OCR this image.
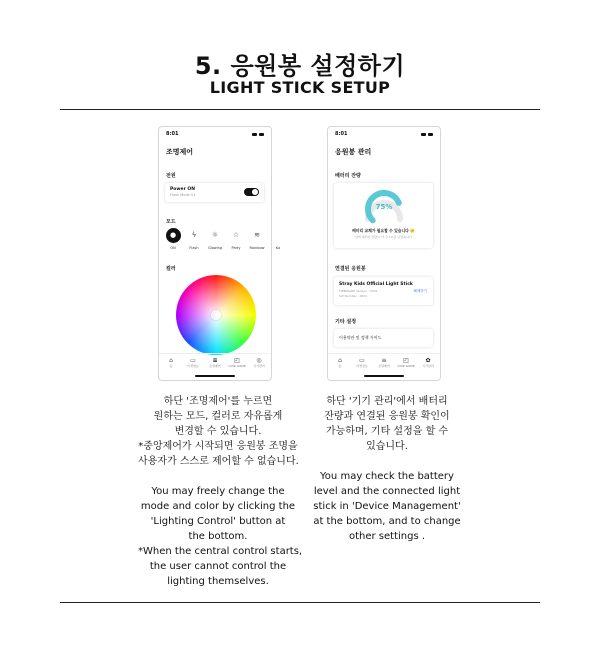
5. 응원봉 설정하기
LIGHT STICK SETUP
8:01
조명제어
전원
Power ON
Flash Mode 01
모드
●
ON
ϟ
Flash
☼
Glowing
☆
Party
≋
Rainbow	Ka
컬러
⌂
홈
▭
티켓정보
≡
조명제어
◰
QUIZ GAME
◎
기기관리
8:01
응원봉 관리
배터리 잔량
75%
배터리 교체가 필요할 수 있습니다 🙂
완벽 배터리 잔량이 약 수 10 분 남았습니다
연결된 응원봉
Stray Kids Official Light Stick
FIRMWARE Version : 0001
S/P Number : 0001
해제하기
기타 설정
이용약관 및 정책 가이드
⌂
홈
▭
티켓정보
≡
조명제어
◰
QUIZ GAME
✿
기기관리
하단 '조명제어'를 누르면
원하는 모드, 컬러로 자유롭게
변경할 수 있습니다.
*중앙제어가 시작되면 응원봉 조명을
사용자가 스스로 제어할 수 없습니다.
You may freely change the
mode and color by clicking the
'Lighting Control' button at
the bottom.
*When the central control starts,
the user cannot control the
lighting themselves.
하단 '기기 관리'에서 배터리
잔량과 연결된 응원봉 확인이
가능하며, 기타 설정을 할 수
있습니다.
You may check the battery
level and the connected light
stick in 'Device Management'
at the bottom, and to change
other settings .
